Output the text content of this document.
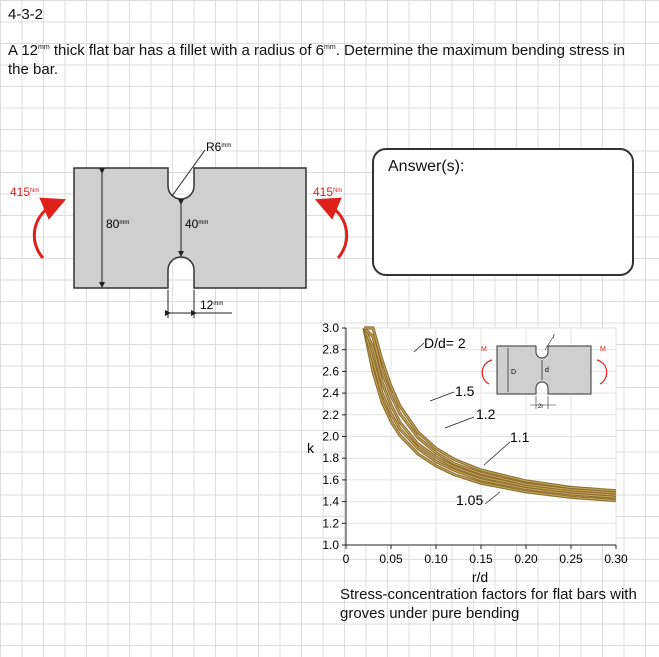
4-3-2
A $12^{mm}$ thick flat bar has a fillet with a radius of $6^{mm}$. Determine the maximum bending stress in the bar.
Answer(s):
$80^{mm}$	$40^{mm}$
$R6^{mm}$
$12^{mm}$
$415^{Nm}$	$415^{Nm}$
1.0
1.2
1.4
1.6
1.8
2.0
2.2
2.4
2.6
2.8
3.0
0 0.05 0.10 0.15 0.20 0.25 0.30
k
r/d
D/d= 2
1.5
1.2
1.1
1.05
D	d
r
2r
M	M
Stress-concentration factors for flat bars with groves under pure bending
